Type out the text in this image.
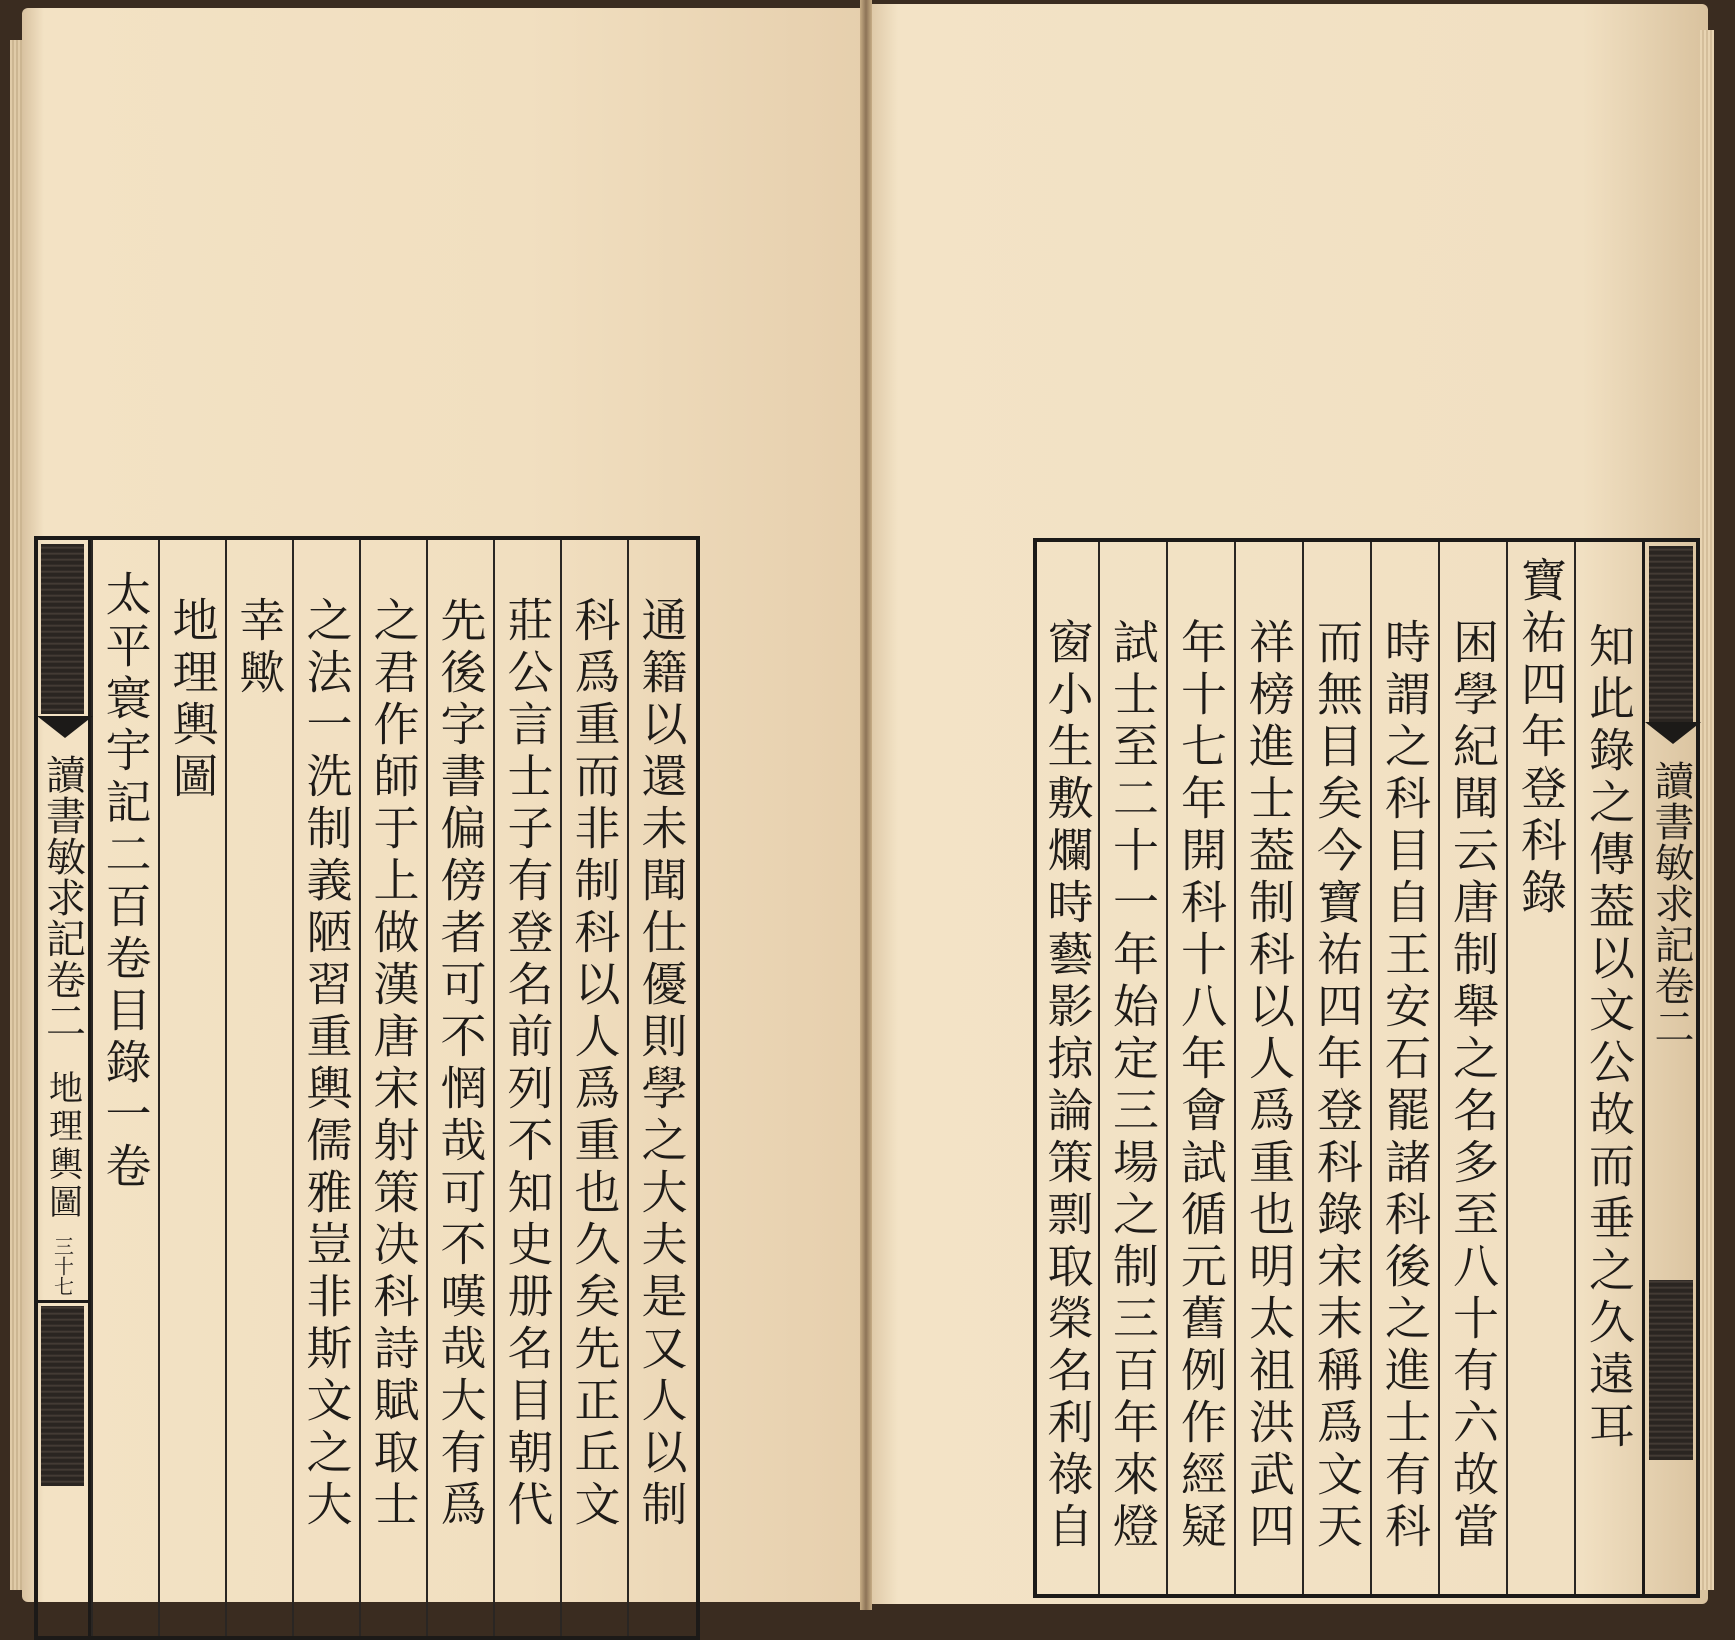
通籍以還未聞仕優則學之大夫是又人以制
科爲重而非制科以人爲重也久矣先正丘文
莊公言士子有登名前列不知史册名目朝代
先後字書偏傍者可不惘哉可不嘆哉大有爲
之君作師于上做漢唐宋射策决科詩賦取士
之法一洗制義陋習重輿儒雅豈非斯文之大
幸歟
地理輿圖
太平寰宇記二百卷目錄一卷
讀書敏求記卷二
地理輿圖
三十七
讀書敏求記卷二
知此錄之傳葢以文公故而垂之久遠耳
寶祐四年登科錄
困學紀聞云唐制舉之名多至八十有六故當
時謂之科目自王安石罷諸科後之進士有科
而無目矣今寶祐四年登科錄宋末稱爲文天
祥榜進士葢制科以人爲重也明太祖洪武四
年十七年開科十八年會試循元舊例作經疑
試士至二十一年始定三場之制三百年來燈
窗小生敷爛時藝影掠論策剽取榮名利祿自
